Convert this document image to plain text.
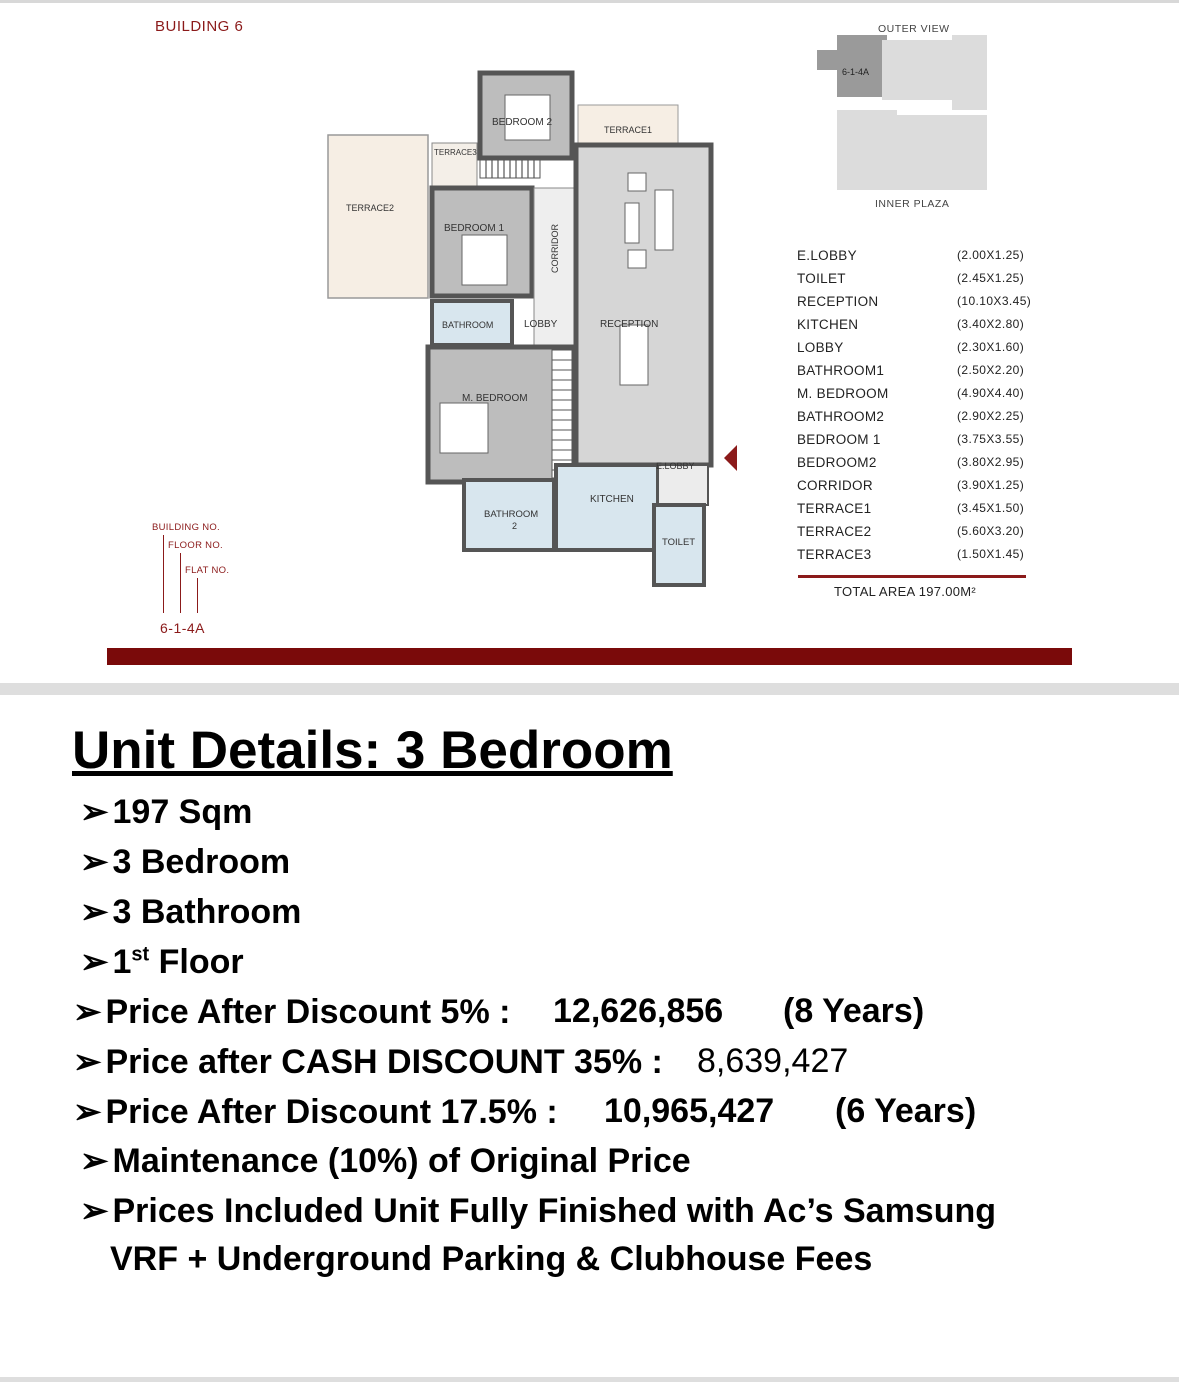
BUILDING 6
BUILDING NO.
FLOOR NO.
FLAT NO.
6-1-4A
BEDROOM 2
TERRACE1
TERRACE3
TERRACE2
BEDROOM 1	CORRIDOR
BATHROOM	LOBBY	RECEPTION
M. BEDROOM
E.LOBBY
BATHROOM
2
KITCHEN
TOILET
OUTER VIEW
6-1-4A
INNER PLAZA
E.LOBBY	(2.00X1.25)
TOILET	(2.45X1.25)
RECEPTION	(10.10X3.45)
KITCHEN	(3.40X2.80)
LOBBY	(2.30X1.60)
BATHROOM1	(2.50X2.20)
M. BEDROOM	(4.90X4.40)
BATHROOM2	(2.90X2.25)
BEDROOM 1	(3.75X3.55)
BEDROOM2	(3.80X2.95)
CORRIDOR	(3.90X1.25)
TERRACE1	(3.45X1.50)
TERRACE2	(5.60X3.20)
TERRACE3	(1.50X1.45)
TOTAL AREA 197.00M²
Unit Details: 3 Bedroom
➢ 197 Sqm
➢ 3 Bedroom
➢ 3 Bathroom
➢ 1st Floor
➢ Price After Discount 5% : 12,626,856 (8 Years)
➢ Price after CASH DISCOUNT 35% : 8,639,427
➢ Price After Discount 17.5% : 10,965,427 (6 Years)
➢ Maintenance (10%) of Original Price
➢ Prices Included Unit Fully Finished with Ac’s Samsung
VRF + Underground Parking & Clubhouse Fees
